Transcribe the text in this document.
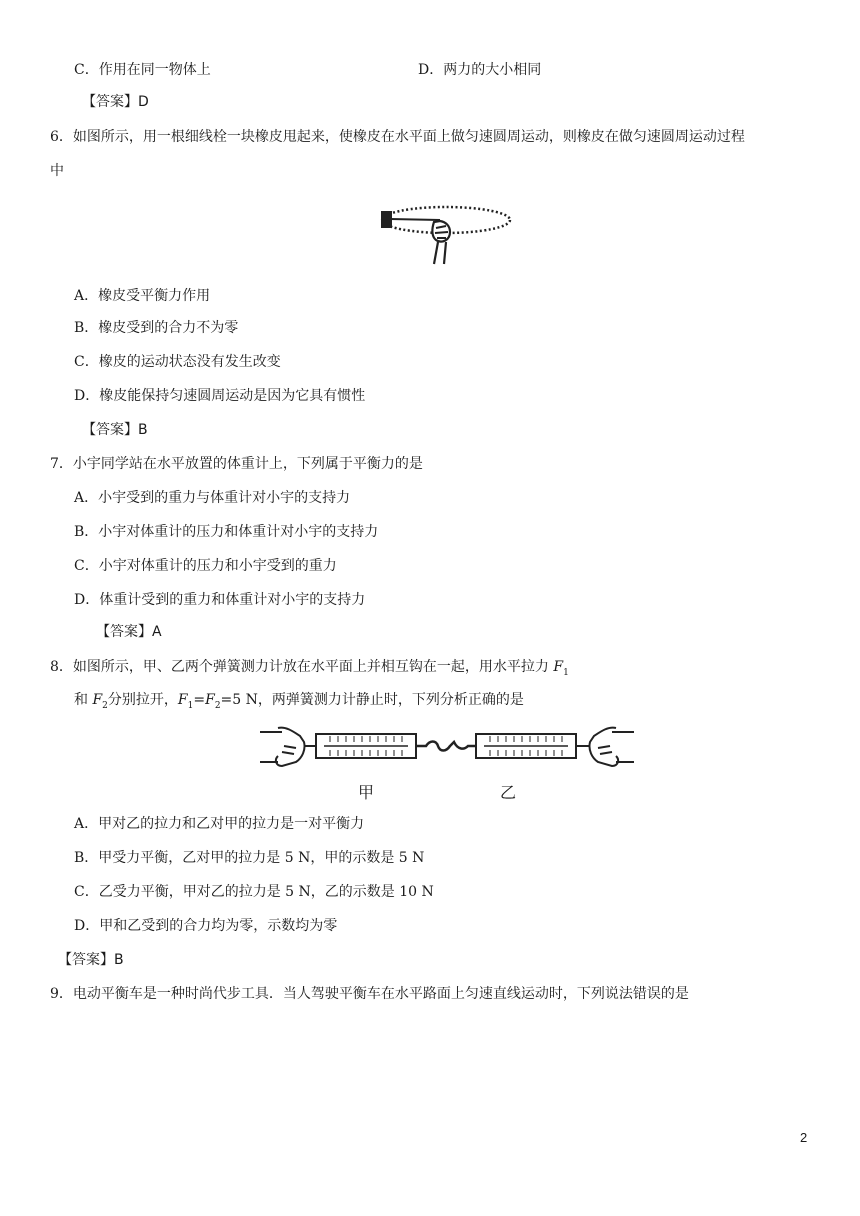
C．作用在同一物体上	D．两力的大小相同
【答案】D
6．如图所示，用一根细线栓一块橡皮甩起来，使橡皮在水平面上做匀速圆周运动，则橡皮在做匀速圆周运动过程
中
A．橡皮受平衡力作用
B．橡皮受到的合力不为零
C．橡皮的运动状态没有发生改变
D．橡皮能保持匀速圆周运动是因为它具有惯性
【答案】B
7．小宇同学站在水平放置的体重计上，下列属于平衡力的是
A．小宇受到的重力与体重计对小宇的支持力
B．小宇对体重计的压力和体重计对小宇的支持力
C．小宇对体重计的压力和小宇受到的重力
D．体重计受到的重力和体重计对小宇的支持力
【答案】A
8．如图所示，甲、乙两个弹簧测力计放在水平面上并相互钩在一起，用水平拉力 $F_1$
和 $F_2$分别拉开，$F_1=F_2=5$ N，两弹簧测力计静止时，下列分析正确的是
甲	乙
A．甲对乙的拉力和乙对甲的拉力是一对平衡力
B．甲受力平衡，乙对甲的拉力是 5 N，甲的示数是 5 N
C．乙受力平衡，甲对乙的拉力是 5 N，乙的示数是 10 N
D．甲和乙受到的合力均为零，示数均为零
【答案】B
9．电动平衡车是一种时尚代步工具．当人驾驶平衡车在水平路面上匀速直线运动时，下列说法错误的是
2
